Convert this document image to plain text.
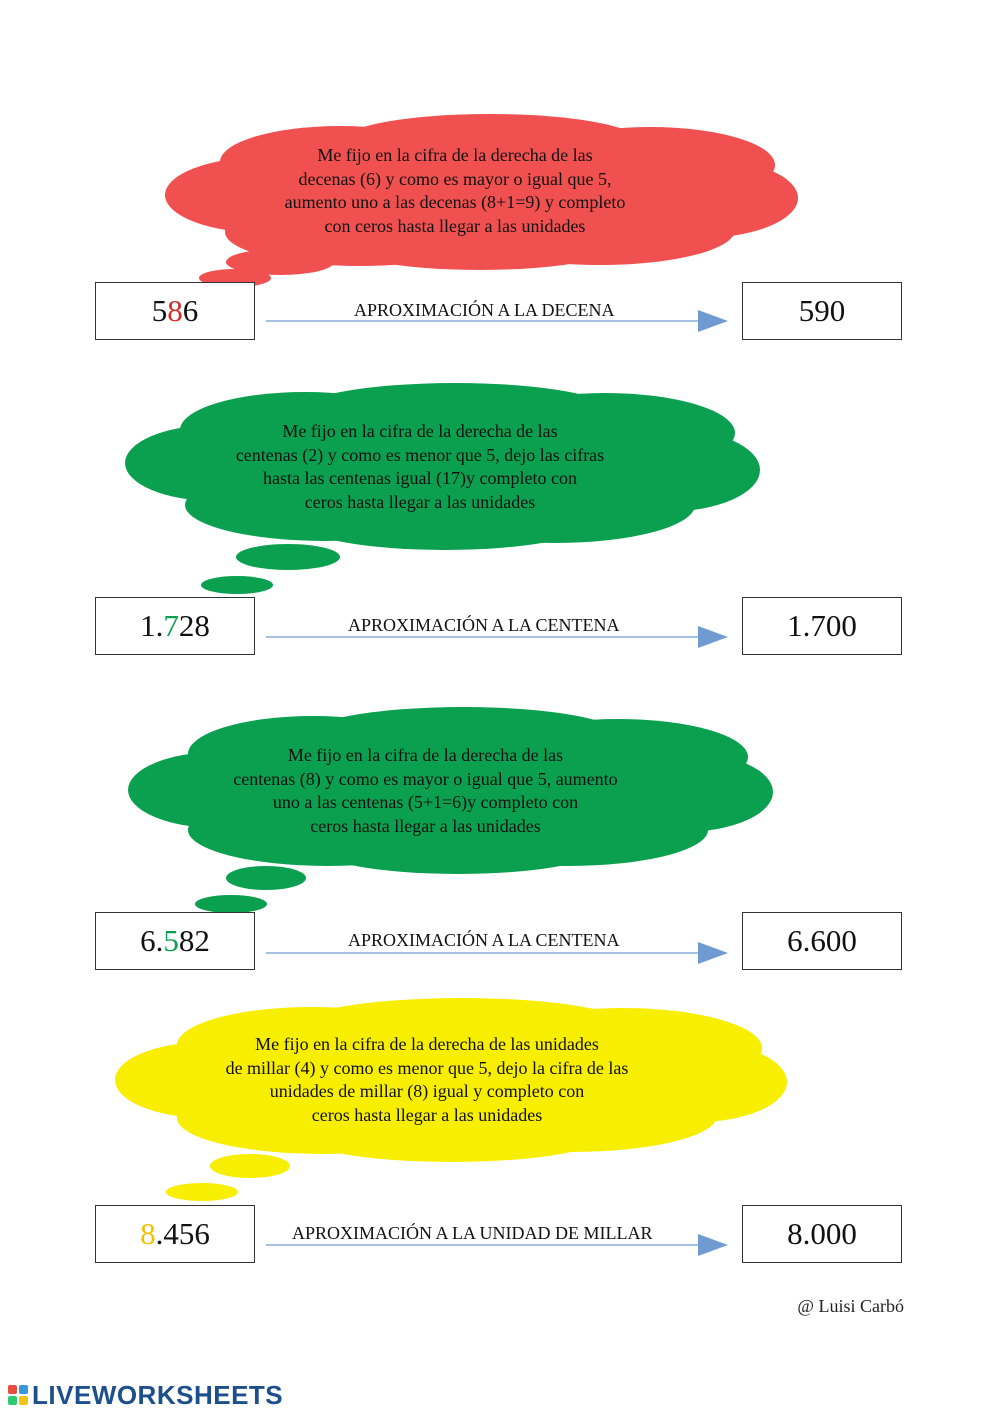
Me fijo en la cifra de la derecha de las
decenas (6) y como es mayor o igual que 5,
aumento uno a las decenas (8+1=9) y completo
con ceros hasta llegar a las unidades
Me fijo en la cifra de la derecha de las
centenas (2) y como es menor que 5, dejo las cifras
hasta las centenas igual (17)y completo con
ceros hasta llegar a las unidades
Me fijo en la cifra de la derecha de las
centenas (8) y como es mayor o igual que 5, aumento
uno a las centenas (5+1=6)y completo con
ceros hasta llegar a las unidades
Me fijo en la cifra de la derecha de las unidades
de millar (4) y como es menor que 5, dejo la cifra de las
unidades de millar (8) igual y completo con
ceros hasta llegar a las unidades
5 8 6	APROXIMACIÓN A LA DECENA	590
1. 7 28	APROXIMACIÓN A LA CENTENA	1.700
6. 5 82	APROXIMACIÓN A LA CENTENA	6.600
8 .456	APROXIMACIÓN A LA UNIDAD DE MILLAR	8.000
@ Luisi Carbó
LIVEWORKSHEETS
